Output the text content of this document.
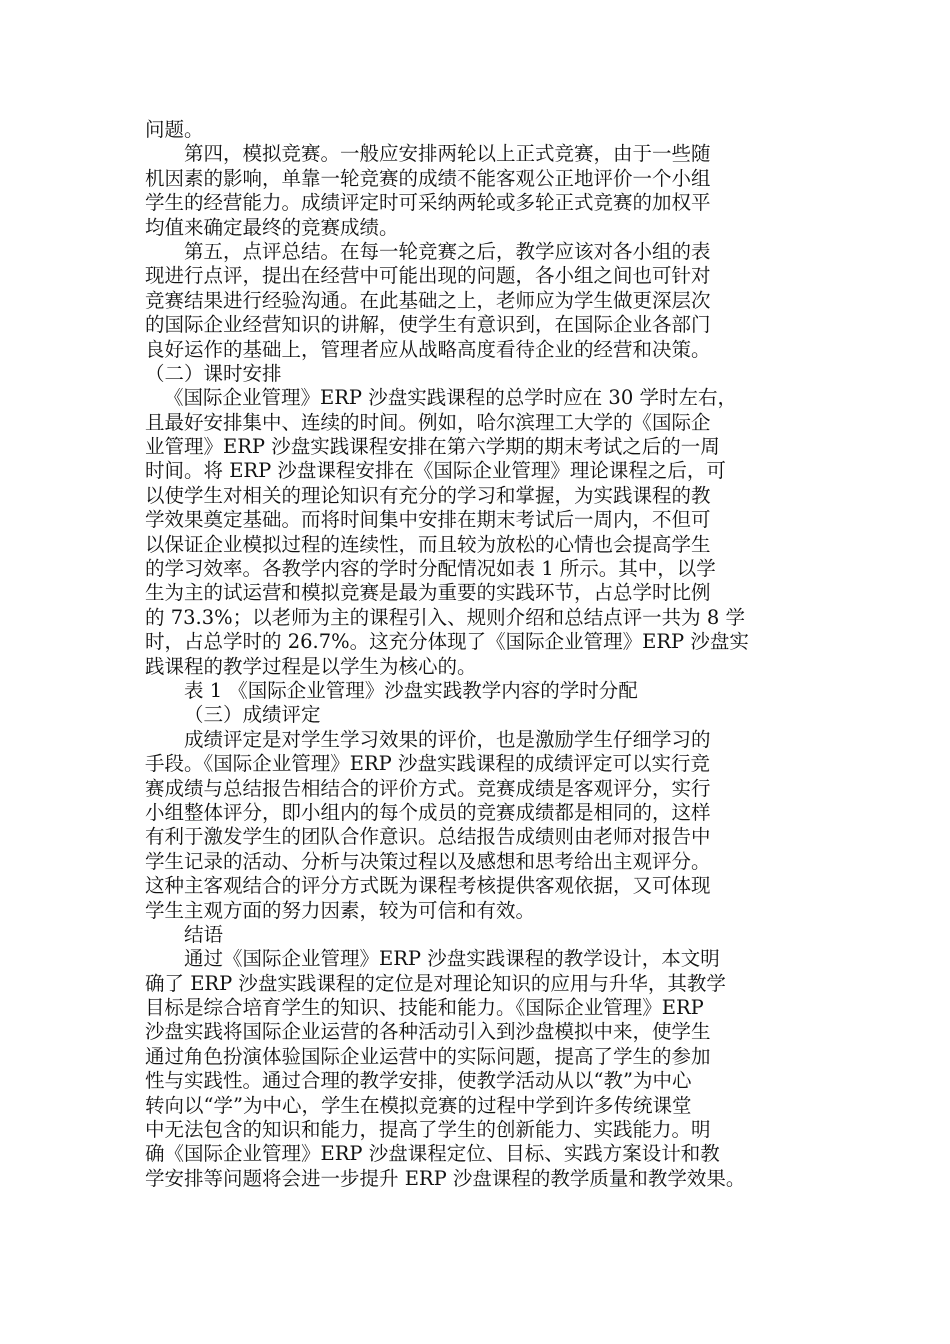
问题。
第四，模拟竞赛。一般应安排两轮以上正式竞赛，由于一些随
机因素的影响，单靠一轮竞赛的成绩不能客观公正地评价一个小组
学生的经营能力。成绩评定时可采纳两轮或多轮正式竞赛的加权平
均值来确定最终的竞赛成绩。
第五，点评总结。在每一轮竞赛之后，教学应该对各小组的表
现进行点评，提出在经营中可能出现的问题，各小组之间也可针对
竞赛结果进行经验沟通。在此基础之上，老师应为学生做更深层次
的国际企业经营知识的讲解，使学生有意识到，在国际企业各部门
良好运作的基础上，管理者应从战略高度看待企业的经营和决策。
（二）课时安排
《国际企业管理》ERP 沙盘实践课程的总学时应在 30 学时左右，
且最好安排集中、连续的时间。例如，哈尔滨理工大学的《国际企
业管理》ERP 沙盘实践课程安排在第六学期的期末考试之后的一周
时间。将 ERP 沙盘课程安排在《国际企业管理》理论课程之后，可
以使学生对相关的理论知识有充分的学习和掌握，为实践课程的教
学效果奠定基础。而将时间集中安排在期末考试后一周内，不但可
以保证企业模拟过程的连续性，而且较为放松的心情也会提高学生
的学习效率。各教学内容的学时分配情况如表 1 所示。其中，以学
生为主的试运营和模拟竞赛是最为重要的实践环节，占总学时比例
的 73.3%；以老师为主的课程引入、规则介绍和总结点评一共为 8 学
时，占总学时的 26.7%。这充分体现了《国际企业管理》ERP 沙盘实
践课程的教学过程是以学生为核心的。
表 1 《国际企业管理》沙盘实践教学内容的学时分配
（三）成绩评定
成绩评定是对学生学习效果的评价，也是激励学生仔细学习的
手段。《国际企业管理》ERP 沙盘实践课程的成绩评定可以实行竞
赛成绩与总结报告相结合的评价方式。竞赛成绩是客观评分，实行
小组整体评分，即小组内的每个成员的竞赛成绩都是相同的，这样
有利于激发学生的团队合作意识。总结报告成绩则由老师对报告中
学生记录的活动、分析与决策过程以及感想和思考给出主观评分。
这种主客观结合的评分方式既为课程考核提供客观依据，又可体现
学生主观方面的努力因素，较为可信和有效。
结语
通过《国际企业管理》ERP 沙盘实践课程的教学设计，本文明
确了 ERP 沙盘实践课程的定位是对理论知识的应用与升华，其教学
目标是综合培育学生的知识、技能和能力。《国际企业管理》ERP
沙盘实践将国际企业运营的各种活动引入到沙盘模拟中来，使学生
通过角色扮演体验国际企业运营中的实际问题，提高了学生的参加
性与实践性。通过合理的教学安排，使教学活动从以“教”为中心
转向以“学”为中心，学生在模拟竞赛的过程中学到许多传统课堂
中无法包含的知识和能力，提高了学生的创新能力、实践能力。明
确《国际企业管理》ERP 沙盘课程定位、目标、实践方案设计和教
学安排等问题将会进一步提升 ERP 沙盘课程的教学质量和教学效果。
